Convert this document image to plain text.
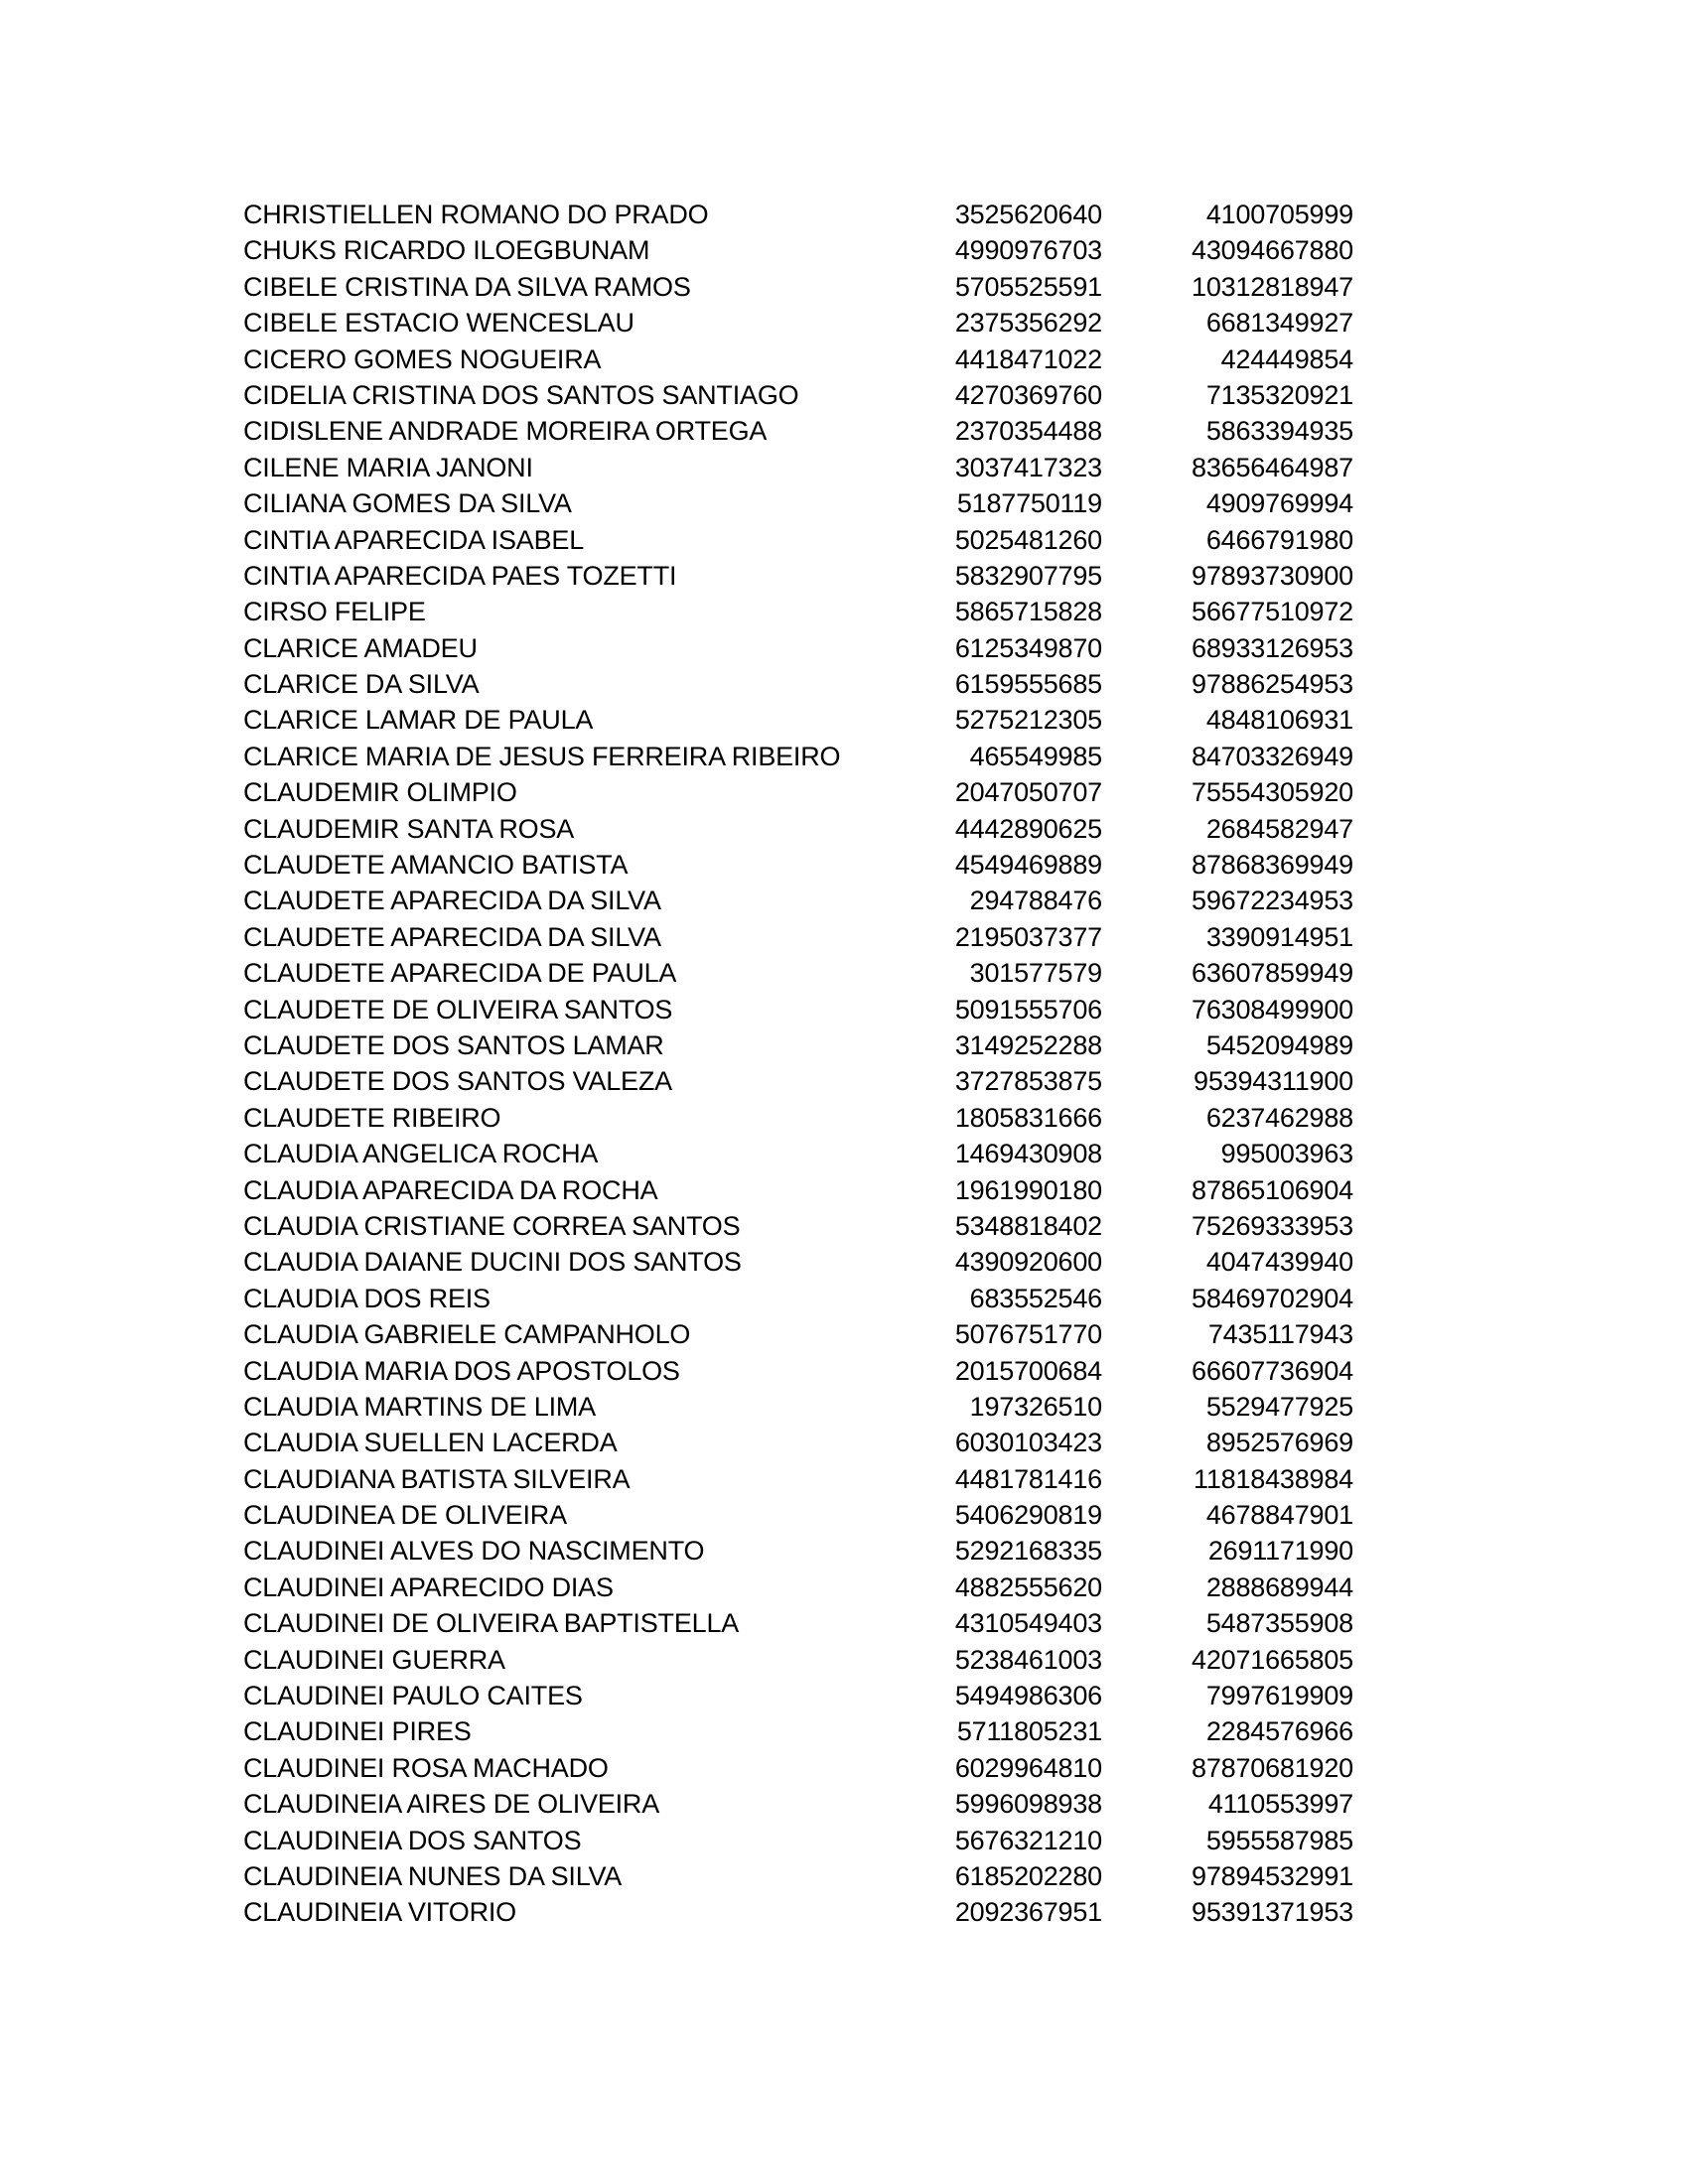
CHRISTIELLEN ROMANO DO PRADO	3525620640	4100705999
CHUKS RICARDO ILOEGBUNAM	4990976703	43094667880
CIBELE CRISTINA DA SILVA RAMOS	5705525591	10312818947
CIBELE ESTACIO WENCESLAU	2375356292	6681349927
CICERO GOMES NOGUEIRA	4418471022	424449854
CIDELIA CRISTINA DOS SANTOS SANTIAGO	4270369760	7135320921
CIDISLENE ANDRADE MOREIRA ORTEGA	2370354488	5863394935
CILENE MARIA JANONI	3037417323	83656464987
CILIANA GOMES DA SILVA	5187750119	4909769994
CINTIA APARECIDA ISABEL	5025481260	6466791980
CINTIA APARECIDA PAES TOZETTI	5832907795	97893730900
CIRSO FELIPE	5865715828	56677510972
CLARICE AMADEU	6125349870	68933126953
CLARICE DA SILVA	6159555685	97886254953
CLARICE LAMAR DE PAULA	5275212305	4848106931
CLARICE MARIA DE JESUS FERREIRA RIBEIRO	465549985	84703326949
CLAUDEMIR OLIMPIO	2047050707	75554305920
CLAUDEMIR SANTA ROSA	4442890625	2684582947
CLAUDETE AMANCIO BATISTA	4549469889	87868369949
CLAUDETE APARECIDA DA SILVA	294788476	59672234953
CLAUDETE APARECIDA DA SILVA	2195037377	3390914951
CLAUDETE APARECIDA DE PAULA	301577579	63607859949
CLAUDETE DE OLIVEIRA SANTOS	5091555706	76308499900
CLAUDETE DOS SANTOS LAMAR	3149252288	5452094989
CLAUDETE DOS SANTOS VALEZA	3727853875	95394311900
CLAUDETE RIBEIRO	1805831666	6237462988
CLAUDIA ANGELICA ROCHA	1469430908	995003963
CLAUDIA APARECIDA DA ROCHA	1961990180	87865106904
CLAUDIA CRISTIANE CORREA SANTOS	5348818402	75269333953
CLAUDIA DAIANE DUCINI DOS SANTOS	4390920600	4047439940
CLAUDIA DOS REIS	683552546	58469702904
CLAUDIA GABRIELE CAMPANHOLO	5076751770	7435117943
CLAUDIA MARIA DOS APOSTOLOS	2015700684	66607736904
CLAUDIA MARTINS DE LIMA	197326510	5529477925
CLAUDIA SUELLEN LACERDA	6030103423	8952576969
CLAUDIANA BATISTA SILVEIRA	4481781416	11818438984
CLAUDINEA DE OLIVEIRA	5406290819	4678847901
CLAUDINEI ALVES DO NASCIMENTO	5292168335	2691171990
CLAUDINEI APARECIDO DIAS	4882555620	2888689944
CLAUDINEI DE OLIVEIRA BAPTISTELLA	4310549403	5487355908
CLAUDINEI GUERRA	5238461003	42071665805
CLAUDINEI PAULO CAITES	5494986306	7997619909
CLAUDINEI PIRES	5711805231	2284576966
CLAUDINEI ROSA MACHADO	6029964810	87870681920
CLAUDINEIA AIRES DE OLIVEIRA	5996098938	4110553997
CLAUDINEIA DOS SANTOS	5676321210	5955587985
CLAUDINEIA NUNES DA SILVA	6185202280	97894532991
CLAUDINEIA VITORIO	2092367951	95391371953
